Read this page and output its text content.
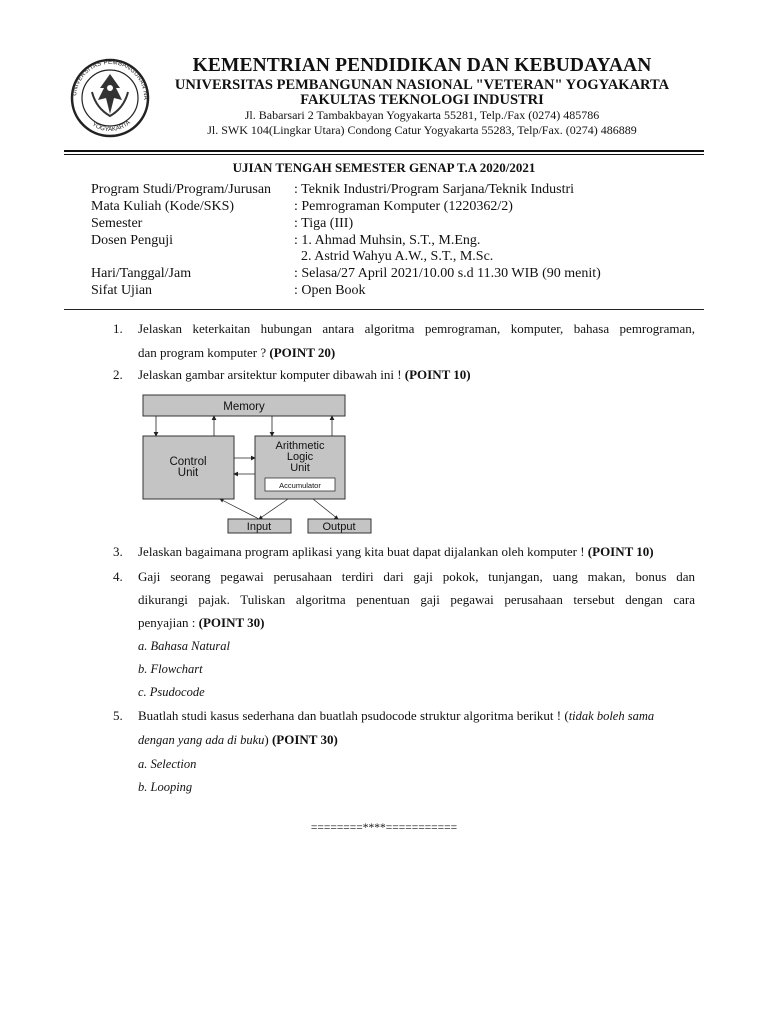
UNIVERSITAS PEMBANGUNAN NA
YOGYAKARTA
KEMENTRIAN PENDIDIKAN DAN KEBUDAYAAN
UNIVERSITAS PEMBANGUNAN NASIONAL "VETERAN" YOGYAKARTA
FAKULTAS TEKNOLOGI INDUSTRI
Jl. Babarsari 2 Tambakbayan Yogyakarta 55281, Telp./Fax (0274) 485786
Jl. SWK 104(Lingkar Utara) Condong Catur Yogyakarta 55283, Telp/Fax. (0274) 486889
UJIAN TENGAH SEMESTER GENAP T.A 2020/2021
Program Studi/Program/Jurusan : Teknik Industri/Program Sarjana/Teknik Industri
Mata Kuliah (Kode/SKS)	: Pemrograman Komputer (1220362/2)
Semester	: Tiga (III)
Dosen Penguji	: 1. Ahmad Muhsin, S.T., M.Eng.
2. Astrid Wahyu A.W., S.T., M.Sc.
Hari/Tanggal/Jam	: Selasa/27 April 2021/10.00 s.d 11.30 WIB (90 menit)
Sifat Ujian	: Open Book
1. Jelaskan keterkaitan hubungan antara algoritma pemrograman, komputer, bahasa pemrograman,
dan program komputer ? (POINT 20)
2. Jelaskan gambar arsitektur komputer dibawah ini ! (POINT 10)
Memory
Control
Unit
Arithmetic
Logic
Unit
Accumulator
Input	Output
3. Jelaskan bagaimana program aplikasi yang kita buat dapat dijalankan oleh komputer ! (POINT 10)
4. Gaji seorang pegawai perusahaan terdiri dari gaji pokok, tunjangan, uang makan, bonus dan
dikurangi pajak. Tuliskan algoritma penentuan gaji pegawai perusahaan tersebut dengan cara
penyajian : (POINT 30)
a. Bahasa Natural
b. Flowchart
c. Psudocode
5. Buatlah studi kasus sederhana dan buatlah psudocode struktur algoritma berikut ! (tidak boleh sama
dengan yang ada di buku) (POINT 30)
a. Selection
b. Looping
========****===========
